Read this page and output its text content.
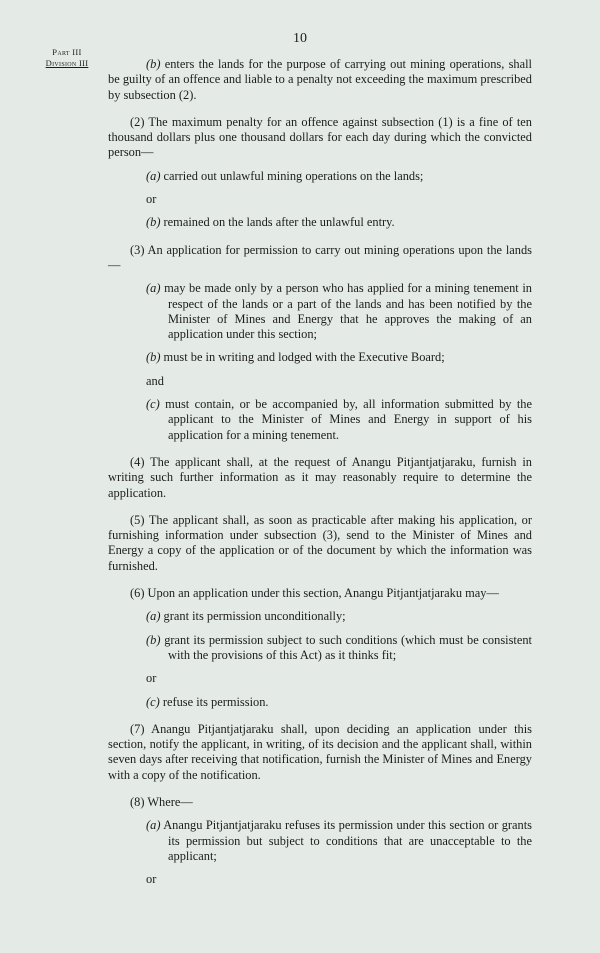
10
Part III
Division III	(b) enters the lands for the purpose of carrying out mining operations, shall be guilty of an offence and liable to a penalty not exceeding the maximum prescribed by subsection (2).

(2) The maximum penalty for an offence against subsection (1) is a fine of ten thousand dollars plus one thousand dollars for each day during which the convicted person—

(a) carried out unlawful mining operations on the lands;

or

(b) remained on the lands after the unlawful entry.

(3) An application for permission to carry out mining operations upon the lands—

(a) may be made only by a person who has applied for a mining tenement in respect of the lands or a part of the lands and has been notified by the Minister of Mines and Energy that he approves the making of an application under this section;

(b) must be in writing and lodged with the Executive Board;

and

(c) must contain, or be accompanied by, all information submitted by the applicant to the Minister of Mines and Energy in support of his application for a mining tenement.

(4) The applicant shall, at the request of Anangu Pitjantjatjaraku, furnish in writing such further information as it may reasonably require to determine the application.

(5) The applicant shall, as soon as practicable after making his application, or furnishing information under subsection (3), send to the Minister of Mines and Energy a copy of the application or of the document by which the information was furnished.

(6) Upon an application under this section, Anangu Pitjantjatjaraku may—

(a) grant its permission unconditionally;

(b) grant its permission subject to such conditions (which must be consistent with the provisions of this Act) as it thinks fit;

or

(c) refuse its permission.

(7) Anangu Pitjantjatjaraku shall, upon deciding an application under this section, notify the applicant, in writing, of its decision and the applicant shall, within seven days after receiving that notification, furnish the Minister of Mines and Energy with a copy of the notification.

(8) Where—

(a) Anangu Pitjantjatjaraku refuses its permission under this section or grants its permission but subject to conditions that are unacceptable to the applicant;

or
